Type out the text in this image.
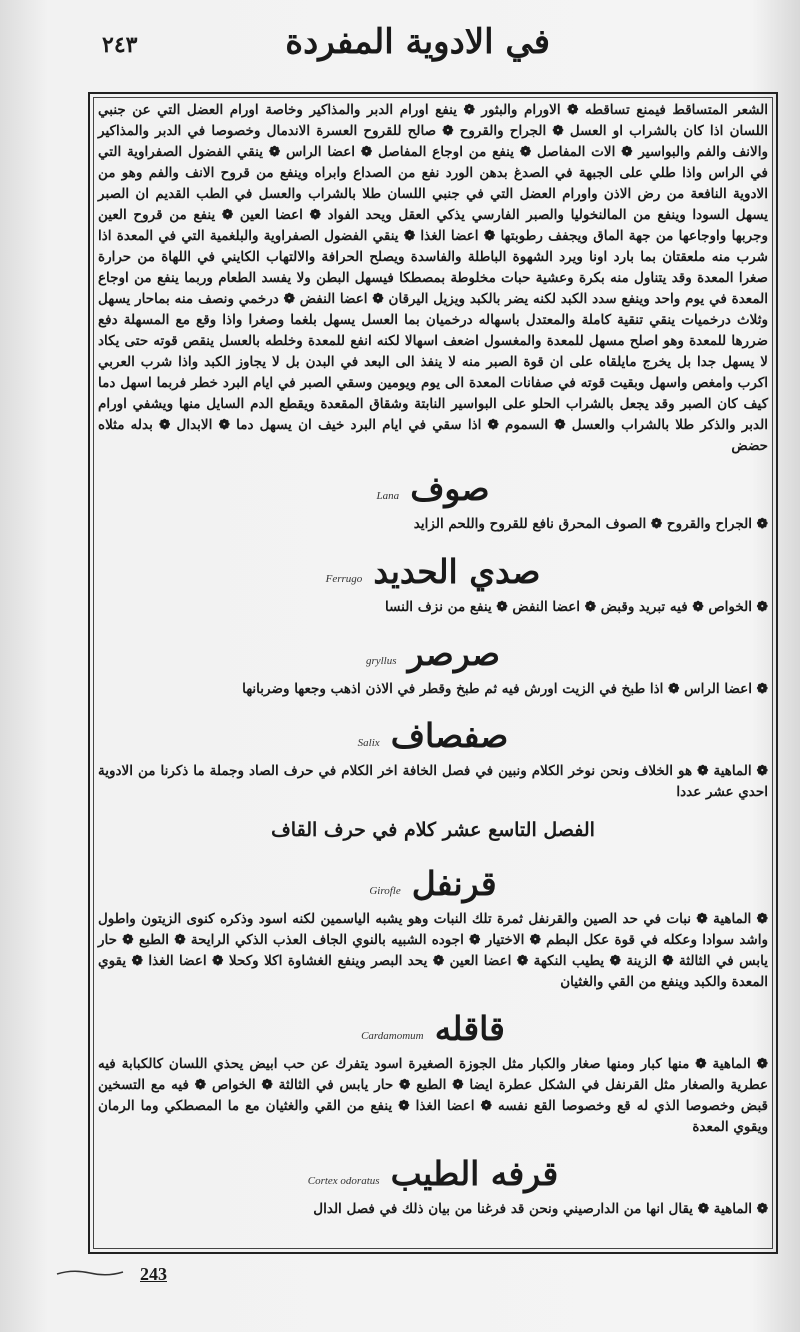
٢٤٣	في الادوية المفردة

الشعر المتساقط فيمنع تساقطه ❁ الاورام والبثور ❁ ينفع اورام الدبر والمذاكير وخاصة اورام العضل التي عن جنبي اللسان اذا كان بالشراب او العسل ❁ الجراح والقروح ❁ صالح للقروح العسرة الاندمال وخصوصا في الدبر والمذاكير والانف والفم والبواسير ❁ الات المفاصل ❁ ينفع من اوجاع المفاصل ❁ اعضا الراس ❁ ينقي الفضول الصفراوية التي في الراس واذا طلي على الجبهة في الصدغ بدهن الورد نفع من الصداع وابراه وينفع من قروح الانف والفم وهو من الادوية النافعة من رض الاذن واورام العضل التي في جنبي اللسان طلا بالشراب والعسل في الطب القديم ان الصبر يسهل السودا وينفع من المالنخوليا والصبر الفارسي يذكي العقل ويحد الفواد ❁ اعضا العين ❁ ينفع من قروح العين وجربها واوجاعها من جهة الماق ويجفف رطوبتها ❁ اعضا الغذا ❁ ينقي الفضول الصفراوية والبلغمية التي في المعدة اذا شرب منه ملعقتان بما بارد اونا ويرد الشهوة الباطلة والفاسدة ويصلح الحرافة والالتهاب الكايني في اللهاة من حرارة صغرا المعدة وقد يتناول منه بكرة وعشية حبات مخلوطة بمصطكا فيسهل البطن ولا يفسد الطعام وربما ينفع من اوجاع المعدة في يوم واحد وينفع سدد الكبد لكنه يضر بالكبد ويزيل اليرقان ❁ اعضا النفض ❁ درخمي ونصف منه بماحار يسهل وثلاث درخميات ينقي تنقية كاملة والمعتدل باسهاله درخميان بما العسل يسهل بلغما وصغرا واذا وقع مع المسهلة دفع ضررها للمعدة وهو اصلح مسهل للمعدة والمغسول اضعف اسهالا لكنه انفع للمعدة وخلطه بالعسل ينقص قوته حتى يكاد لا يسهل جدا بل يخرج مايلقاه على ان قوة الصبر منه لا ينفذ الى البعد في البدن بل لا يجاوز الكبد واذا شرب العربي اكرب وامغص واسهل وبقيت قوته في صفانات المعدة الى يوم ويومين وسقي الصبر في ايام البرد خطر فربما اسهل دما كيف كان الصبر وقد يجعل بالشراب الحلو على البواسير النابتة وشقاق المقعدة ويقطع الدم السايل منها ويشفي اورام الدبر والذكر طلا بالشراب والعسل ❁ السموم ❁ اذا سقي في ايام البرد خيف ان يسهل دما ❁ الابدال ❁ بدله مثلاه حضض

صوف Lana

❁ الجراح والقروح ❁ الصوف المحرق نافع للقروح واللحم الزايد

صدي الحديد Ferrugo

❁ الخواص ❁ فيه تبريد وقبض ❁ اعضا النفض ❁ ينفع من نزف النسا

صرصر gryllus

❁ اعضا الراس ❁ اذا طبخ في الزيت اورش فيه ثم طبخ وقطر في الاذن اذهب وجعها وضربانها

صفصاف Salix

❁ الماهية ❁ هو الخلاف ونحن نوخر الكلام ونبين في فصل الخافة اخر الكلام في حرف الصاد وجملة ما ذكرنا من الادوية احدي عشر عددا

الفصل التاسع عشر كلام في حرف القاف
قرنفل Girofle

❁ الماهية ❁ نبات في حد الصين والقرنفل ثمرة تلك النبات وهو يشبه الياسمين لكنه اسود وذكره كنوى الزيتون واطول واشد سوادا وعكله في قوة عكل البطم ❁ الاختيار ❁ اجوده الشبيه بالنوي الجاف العذب الذكي الرايحة ❁ الطبع ❁ حار يابس في الثالثة ❁ الزينة ❁ يطيب النكهة ❁ اعضا العين ❁ يحد البصر وينفع الغشاوة اكلا وكحلا ❁ اعضا الغذا ❁ يقوي المعدة والكبد وينفع من القي والغثيان

قاقله Cardamomum

❁ الماهية ❁ منها كبار ومنها صغار والكبار مثل الجوزة الصغيرة اسود يتفرك عن حب ابيض يحذي اللسان كالكبابة فيه عطرية والصغار مثل القرنفل في الشكل عطرة ايضا ❁ الطبع ❁ حار يابس في الثالثة ❁ الخواص ❁ فيه مع التسخين قبض وخصوصا الذي له قع وخصوصا القع نفسه ❁ اعضا الغذا ❁ ينفع من القي والغثيان مع ما المصطكي وما الرمان ويقوي المعدة

قرفه الطيب Cortex odoratus

❁ الماهية ❁ يقال انها من الدارصيني ونحن قد فرغنا من بيان ذلك في فصل الدال

243
